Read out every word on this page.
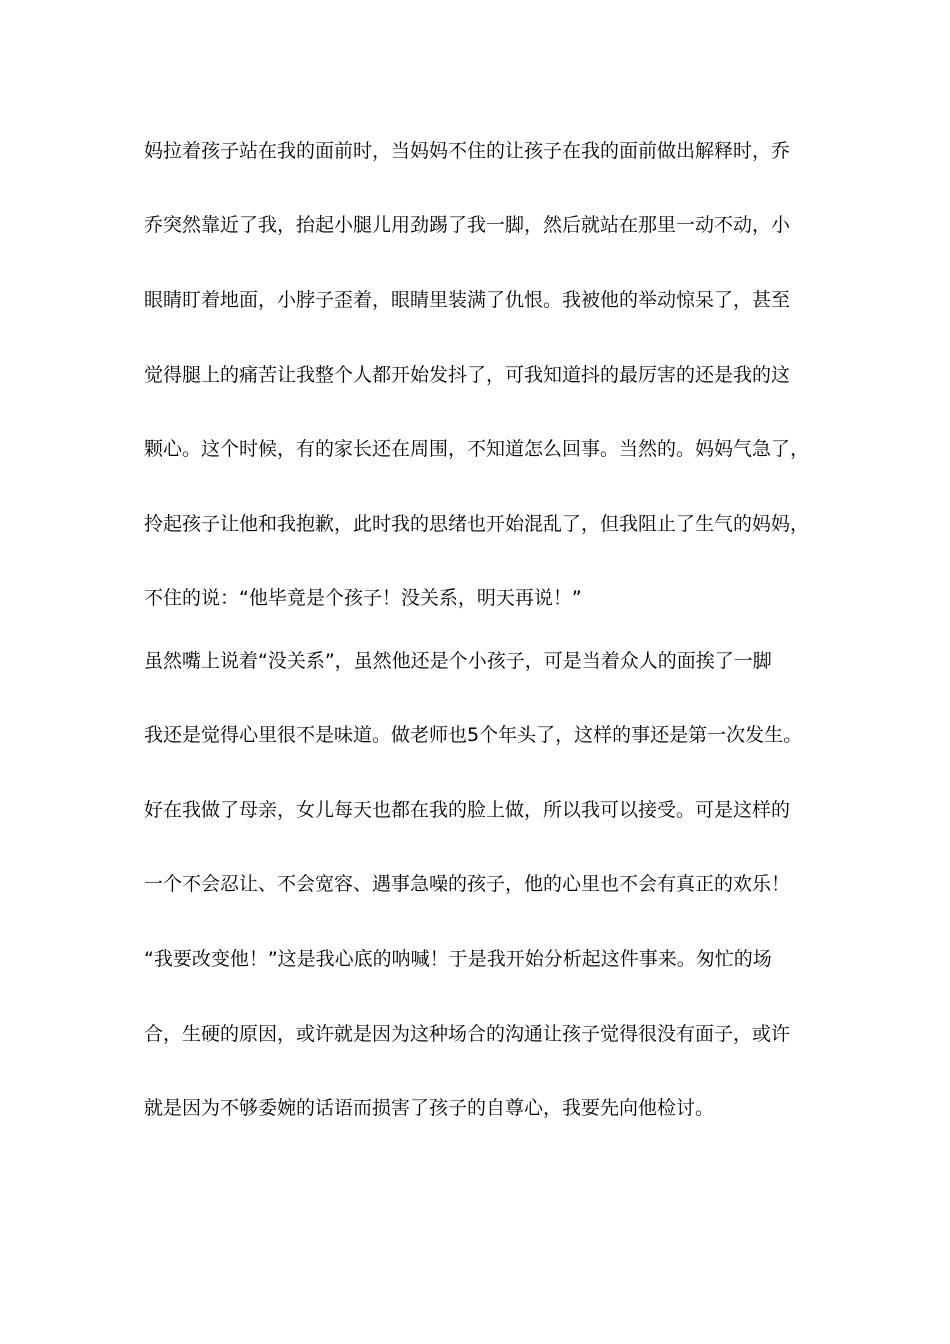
妈拉着孩子站在我的面前时，当妈妈不住的让孩子在我的面前做出解释时，乔
乔突然靠近了我，抬起小腿儿用劲踢了我一脚，然后就站在那里一动不动，小
眼睛盯着地面，小脖子歪着，眼睛里装满了仇恨。我被他的举动惊呆了，甚至
觉得腿上的痛苦让我整个人都开始发抖了，可我知道抖的最厉害的还是我的这
颗心。这个时候，有的家长还在周围，不知道怎么回事。当然的。妈妈气急了，
拎起孩子让他和我抱歉，此时我的思绪也开始混乱了，但我阻止了生气的妈妈，
不住的说：“他毕竟是个孩子！没关系，明天再说！”
虽然嘴上说着“没关系”，虽然他还是个小孩子，可是当着众人的面挨了一脚
我还是觉得心里很不是味道。做老师也5个年头了，这样的事还是第一次发生。
好在我做了母亲，女儿每天也都在我的脸上做，所以我可以接受。可是这样的
一个不会忍让、不会宽容、遇事急噪的孩子，他的心里也不会有真正的欢乐！
“我要改变他！”这是我心底的呐喊！于是我开始分析起这件事来。匆忙的场
合，生硬的原因，或许就是因为这种场合的沟通让孩子觉得很没有面子，或许
就是因为不够委婉的话语而损害了孩子的自尊心，我要先向他检讨。
